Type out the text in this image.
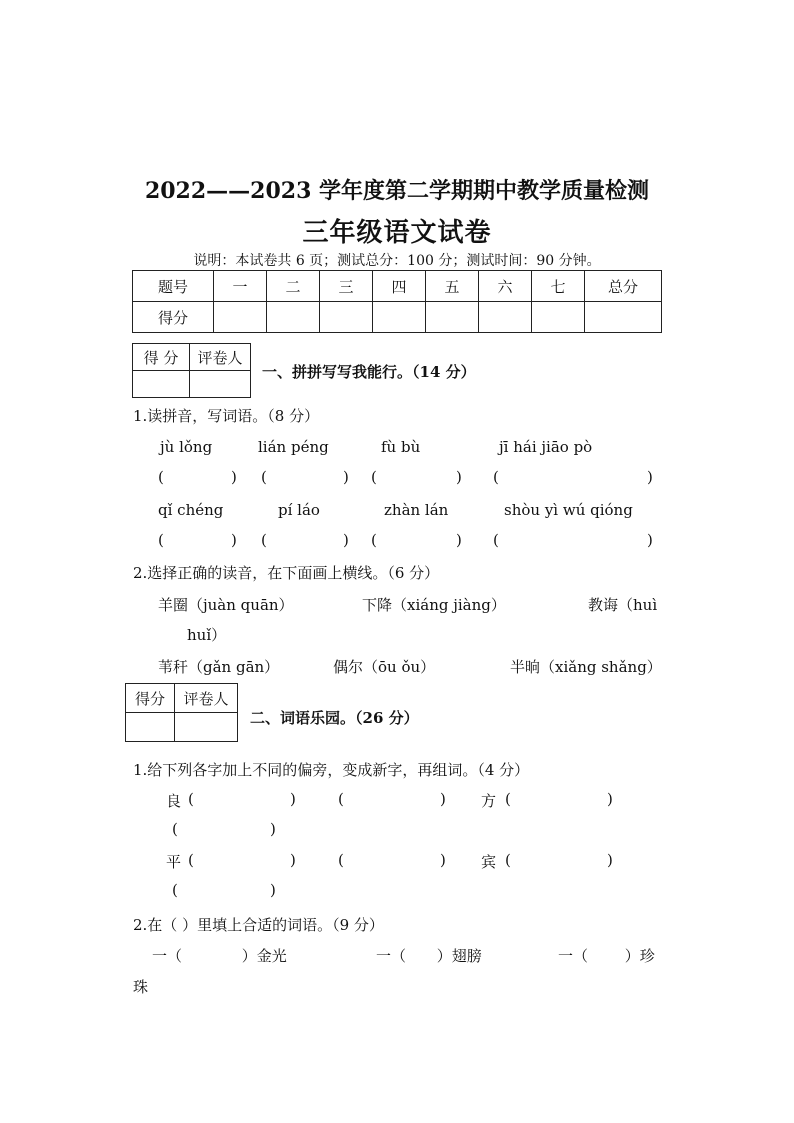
2022——2023 学年度第二学期期中教学质量检测
三年级语文试卷
说明：本试卷共 6 页；测试总分：100 分；测试时间：90 分钟。
题号	一	二	三	四	五	六	七	总分
得分								
得 分	评卷人

一、拼拼写写我能行。（14 分）
1.读拼音，写词语。（8 分）
jù lǒng	lián péng	fù bù	jī hái jiāo pò
(	) (	) (	) (	)
qǐ chéng	pí láo	zhàn lán	shòu yì wú qióng
(	) (	) (	) (	)
2.选择正确的读音，在下面画上横线。（6 分）
羊圈（juàn quān）	下降（xiáng jiàng）	教诲（huì
huǐ）
苇秆（gǎn gān）	偶尔（ōu ǒu）	半晌（xiǎng shǎng）
得分	评卷人

二、词语乐园。（26 分）
1.给下列各字加上不同的偏旁，变成新字，再组词。（4 分）
良 (	)	(	) 方 (	)
(	)
平 (	)	(	) 宾 (	)
(	)
2.在（ ）里填上合适的词语。（9 分）
一（ ）金光	一（ ）翅膀	一（ ）珍
珠
